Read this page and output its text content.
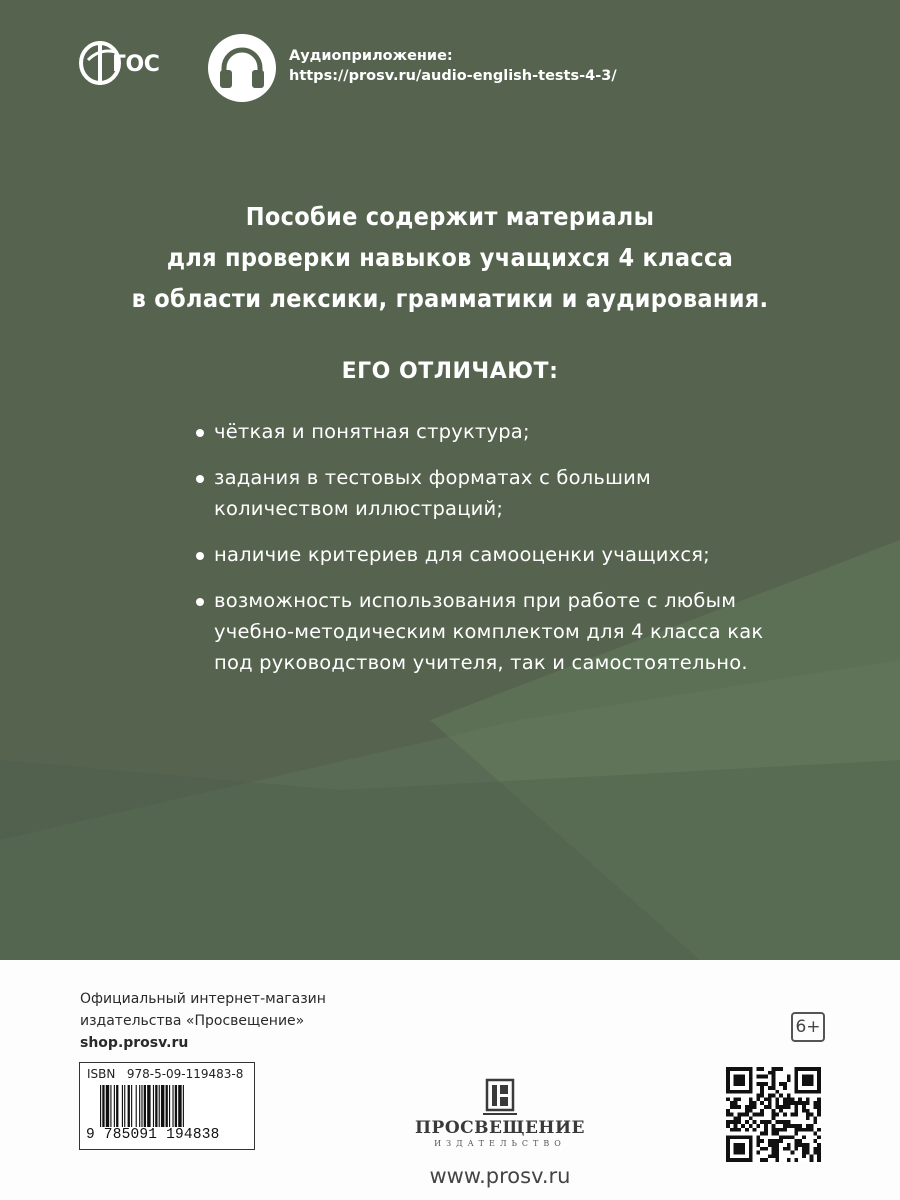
ГОС	Аудиоприложение:
https://prosv.ru/audio-english-tests-4-3/

Пособие содержит материалы
для проверки навыков учащихся 4 класса
в области лексики, грамматики и аудирования.

ЕГО ОТЛИЧАЮТ:
чёткая и понятная структура;
задания в тестовых форматах с большим количеством иллюстраций;
наличие критериев для самооценки учащихся;
возможность использования при работе с любым учебно-методическим комплектом для 4 класса как под руководством учителя, так и самостоятельно.
Официальный интернет-магазин
издательства «Просвещение»
shop.prosv.ru
6+
ISBN 978-5-09-119483-8
9 785091 194838	ПРОСВЕЩЕНИЕ
ИЗДАТЕЛЬСТВО
www.prosv.ru
